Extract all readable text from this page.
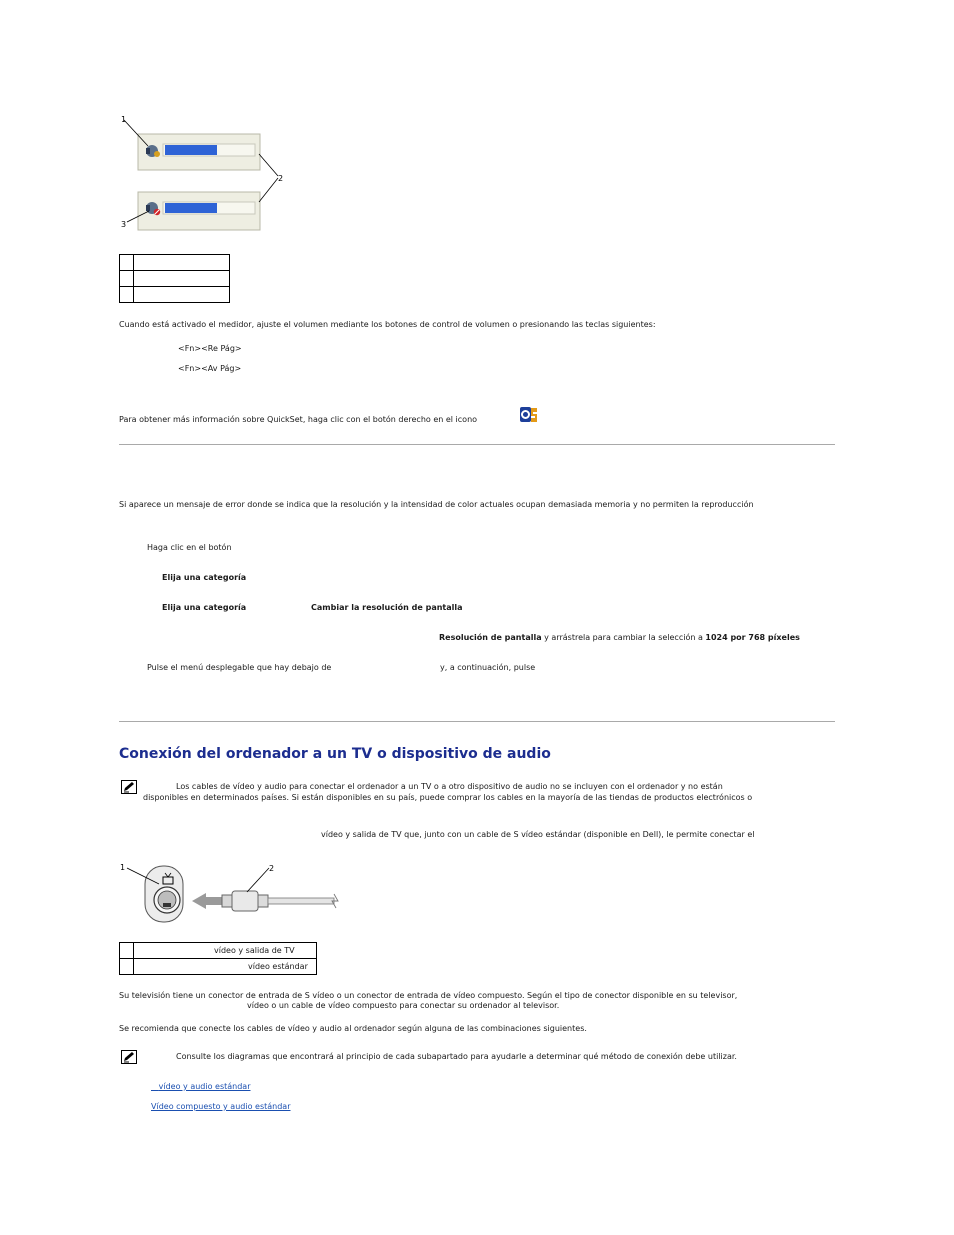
1
2
3

Cuando está activado el medidor, ajuste el volumen mediante los botones de control de volumen o presionando las teclas siguientes:
<Fn><Re Pág>
<Fn><Av Pág>
Para obtener más información sobre QuickSet, haga clic con el botón derecho en el icono
Si aparece un mensaje de error donde se indica que la resolución y la intensidad de color actuales ocupan demasiada memoria y no permiten la reproducción
Haga clic en el botón
Elija una categoría
Elija una categoría	Cambiar la resolución de pantalla
Resolución de pantalla y arrástrela para cambiar la selección a 1024 por 768 píxeles
Pulse el menú desplegable que hay debajo de	y, a continuación, pulse
Conexión del ordenador a un TV o dispositivo de audio
Los cables de vídeo y audio para conectar el ordenador a un TV o a otro dispositivo de audio no se incluyen con el ordenador y no están
disponibles en determinados países. Si están disponibles en su país, puede comprar los cables en la mayoría de las tiendas de productos electrónicos o
vídeo y salida de TV que, junto con un cable de S vídeo estándar (disponible en Dell), le permite conectar el
1	2
	vídeo y salida de TV
	vídeo estándar
Su televisión tiene un conector de entrada de S vídeo o un conector de entrada de vídeo compuesto. Según el tipo de conector disponible en su televisor,
vídeo o un cable de vídeo compuesto para conectar su ordenador al televisor.
Se recomienda que conecte los cables de vídeo y audio al ordenador según alguna de las combinaciones siguientes.
Consulte los diagramas que encontrará al principio de cada subapartado para ayudarle a determinar qué método de conexión debe utilizar.
vídeo y audio estándar
Vídeo compuesto y audio estándar
